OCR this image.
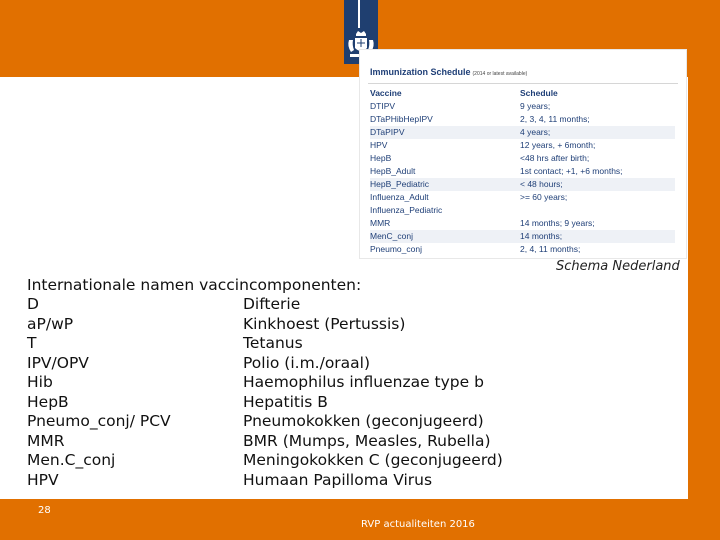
Immunization Schedule (2014 or latest available)
Vaccine	Schedule
DTIPV	9 years;
DTaPHibHepIPV	2, 3, 4, 11 months;
DTaPIPV	4 years;
HPV	12 years, + 6month;
HepB	<48 hrs after birth;
HepB_Adult	1st contact; +1, +6 months;
HepB_Pediatric	< 48 hours;
Influenza_Adult	>= 60 years;
Influenza_Pediatric
MMR	14 months; 9 years;
MenC_conj	14 months;
Pneumo_conj	2, 4, 11 months;
Schema Nederland
Internationale namen vaccincomponenten:
D	Difterie
aP/wP	Kinkhoest (Pertussis)
T	Tetanus
IPV/OPV	Polio (i.m./oraal)
Hib	Haemophilus influenzae type b
HepB	Hepatitis B
Pneumo_conj/ PCV	Pneumokokken (geconjugeerd)
MMR	BMR (Mumps, Measles, Rubella)
Men.C_conj	Meningokokken C (geconjugeerd)
HPV	Humaan Papilloma Virus
28
RVP actualiteiten 2016
